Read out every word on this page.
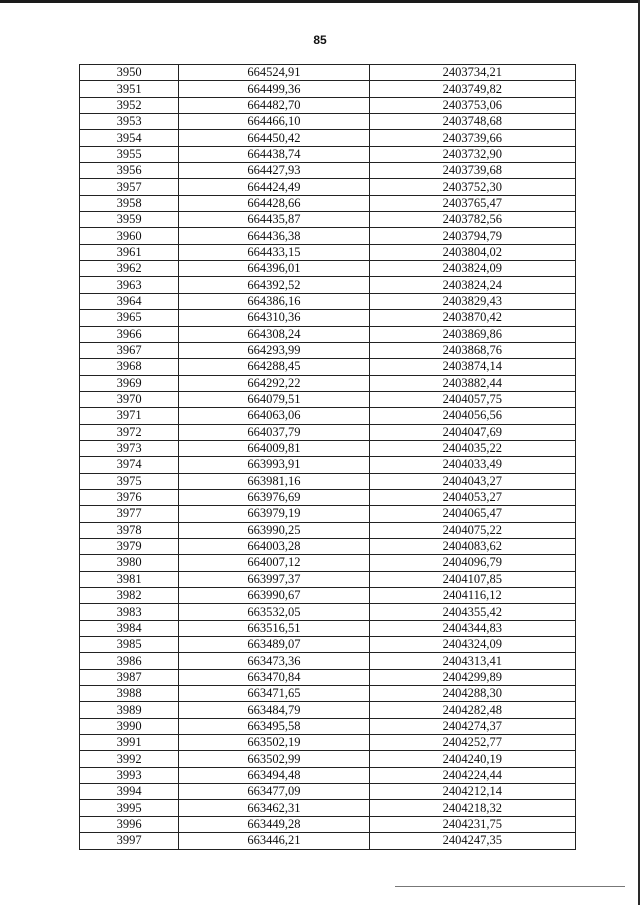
85
3950	664524,91	2403734,21
3951	664499,36	2403749,82
3952	664482,70	2403753,06
3953	664466,10	2403748,68
3954	664450,42	2403739,66
3955	664438,74	2403732,90
3956	664427,93	2403739,68
3957	664424,49	2403752,30
3958	664428,66	2403765,47
3959	664435,87	2403782,56
3960	664436,38	2403794,79
3961	664433,15	2403804,02
3962	664396,01	2403824,09
3963	664392,52	2403824,24
3964	664386,16	2403829,43
3965	664310,36	2403870,42
3966	664308,24	2403869,86
3967	664293,99	2403868,76
3968	664288,45	2403874,14
3969	664292,22	2403882,44
3970	664079,51	2404057,75
3971	664063,06	2404056,56
3972	664037,79	2404047,69
3973	664009,81	2404035,22
3974	663993,91	2404033,49
3975	663981,16	2404043,27
3976	663976,69	2404053,27
3977	663979,19	2404065,47
3978	663990,25	2404075,22
3979	664003,28	2404083,62
3980	664007,12	2404096,79
3981	663997,37	2404107,85
3982	663990,67	2404116,12
3983	663532,05	2404355,42
3984	663516,51	2404344,83
3985	663489,07	2404324,09
3986	663473,36	2404313,41
3987	663470,84	2404299,89
3988	663471,65	2404288,30
3989	663484,79	2404282,48
3990	663495,58	2404274,37
3991	663502,19	2404252,77
3992	663502,99	2404240,19
3993	663494,48	2404224,44
3994	663477,09	2404212,14
3995	663462,31	2404218,32
3996	663449,28	2404231,75
3997	663446,21	2404247,35
